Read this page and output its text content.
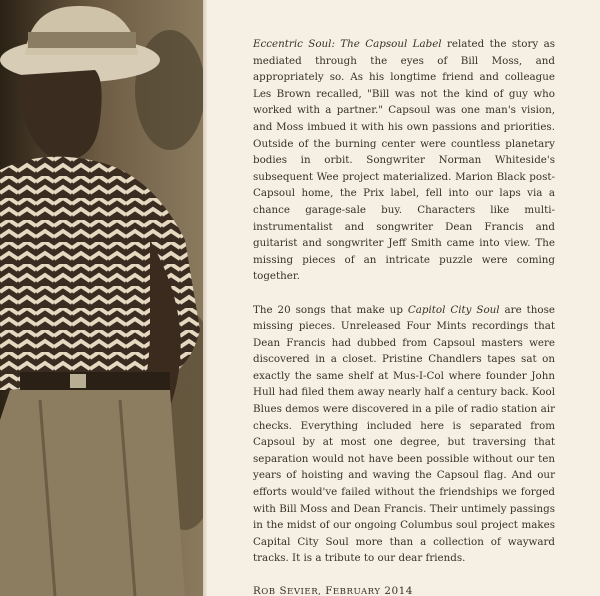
Eccentric Soul: The Capsoul Label related the story as mediated through the eyes of Bill Moss, and appropriately so. As his longtime friend and colleague Les Brown recalled, "Bill was not the kind of guy who worked with a partner." Capsoul was one man's vision, and Moss imbued it with his own passions and priorities. Outside of the burning center were countless planetary bodies in orbit. Songwriter Norman Whiteside's subsequent Wee project materialized. Marion Black post-Capsoul home, the Prix label, fell into our laps via a chance garage-sale buy. Characters like multi-instrumentalist and songwriter Dean Francis and guitarist and songwriter Jeff Smith came into view. The missing pieces of an intricate puzzle were coming together.

The 20 songs that make up Capitol City Soul are those missing pieces. Unreleased Four Mints recordings that Dean Francis had dubbed from Capsoul masters were discovered in a closet. Pristine Chandlers tapes sat on exactly the same shelf at Mus-I-Col where founder John Hull had filed them away nearly half a century back. Kool Blues demos were discovered in a pile of radio station air checks. Everything included here is separated from Capsoul by at most one degree, but traversing that separation would not have been possible without our ten years of hoisting and waving the Capsoul flag. And our efforts would've failed without the friendships we forged with Bill Moss and Dean Francis. Their untimely passings in the midst of our ongoing Columbus soul project makes Capital City Soul more than a collection of wayward tracks. It is a tribute to our dear friends.

ROB SEVIER, FEBRUARY 2014
